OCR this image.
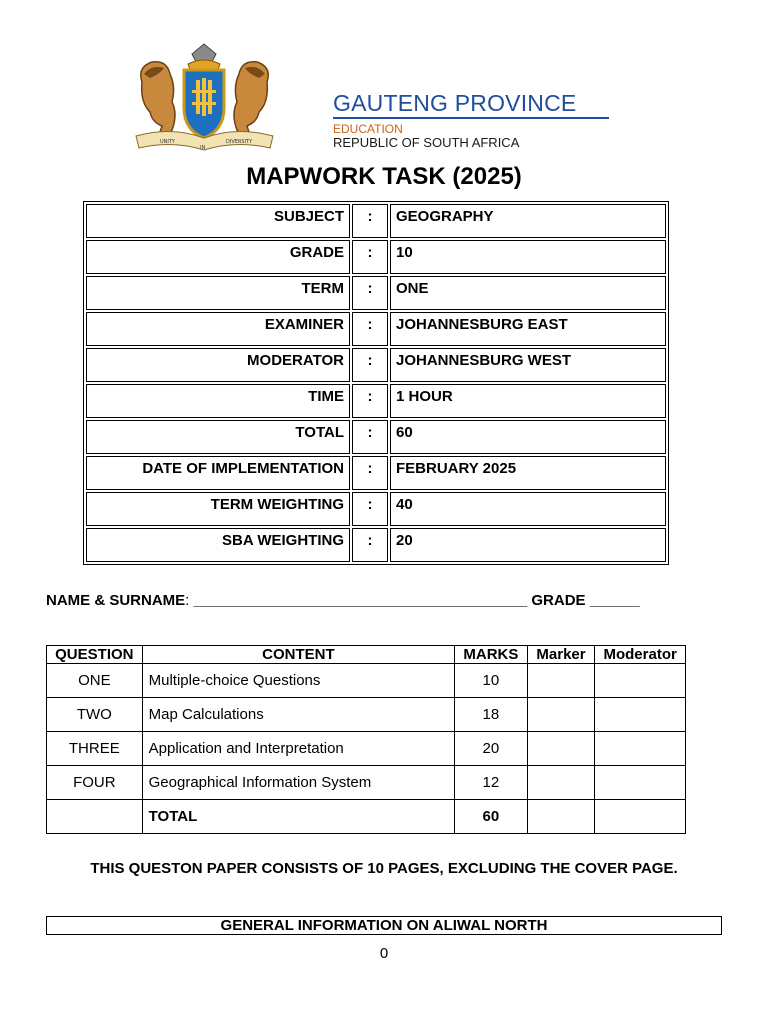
UNITY
IN
DIVERSITY
GAUTENG PROVINCE
EDUCATION
REPUBLIC OF SOUTH AFRICA
MAPWORK TASK (2025)
SUBJECT	:	GEOGRAPHY
GRADE	:	10
TERM	:	ONE
EXAMINER	:	JOHANNESBURG EAST
MODERATOR	:	JOHANNESBURG WEST
TIME	:	1 HOUR
TOTAL	:	60
DATE OF IMPLEMENTATION	:	FEBRUARY 2025
TERM WEIGHTING	:	40
SBA WEIGHTING	:	20
NAME & SURNAME: ________________________________________ GRADE ______
QUESTION	CONTENT	MARKS	Marker	Moderator
ONE	Multiple-choice Questions	10		
TWO	Map Calculations	18		
THREE	Application and Interpretation	20		
FOUR	Geographical Information System	12		
	TOTAL	60		
THIS QUESTON PAPER CONSISTS OF 10 PAGES, EXCLUDING THE COVER PAGE.
GENERAL INFORMATION ON ALIWAL NORTH
0
